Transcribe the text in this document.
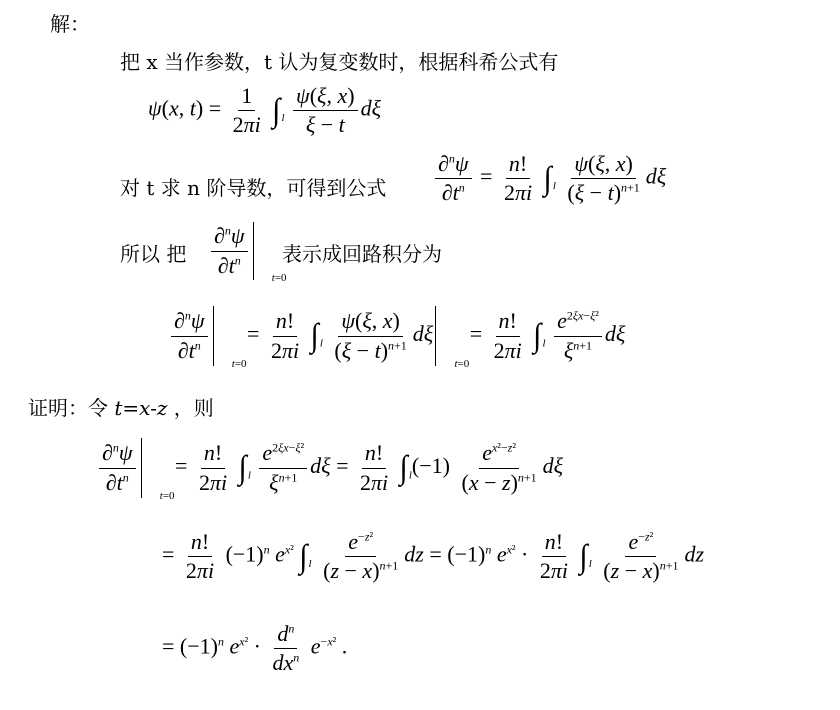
解：
把 x 当作参数，t 认为复变数时，根据科希公式有
ψ(x, $t) = \frac{1}{2\pi i} \int_l \frac{\psi(\xi, x)}{\xi - t}$ dξ
对 t 求 n 阶导数，可得到公式 $\frac{\partial^n\psi}{\partial t^n} = \frac{n!}{2\pi i} \int_l \frac{\psi(\xi, x)}{(\xi - t)^{n+1}}$ dξ
所以 把 $\frac{\partial^n\psi}{\partial t^n}$
t=0
表示成回路积分为
$\frac{\partial^n\psi}{\partial t^n}$
t=0
= $\frac{n!}{2\pi i} \int_l \frac{\psi(\xi, x)}{(\xi - t)^{n+1}}$ dξ
t=0
= $\frac{n!}{2\pi i} \int_l \frac{e^{2\xi x-\xi^2}}{\xi^{n+1}}$ dξ
证明：令 t=x-z ，则
$\frac{\partial^n\psi}{\partial t^n}$
t=0
= $\frac{n!}{2\pi i} \int_l \frac{e^{2\xi x-\xi^2}}{\xi^{n+1}}$ $d\xi = \frac{n!}{2\pi i} \int_l(-1) \frac{e^{x^2-z^2}}{(x - z)^{n+1}}$ dξ
= $\frac{n!}{2\pi i} (-1)^n$ $e^{x^2}$ $\int_l \frac{e^{-z^2}}{(z - x)^{n+1}}$ dz = $(-1)^n$ $e^{x^2} \cdot \frac{n!}{2\pi i} \int_l \frac{e^{-z^2}}{(z - x)^{n+1}}$ dz
= $(-1)^n$ $e^{x^2} \cdot \frac{d^n}{dx^n} e^{-x^2}$ .
